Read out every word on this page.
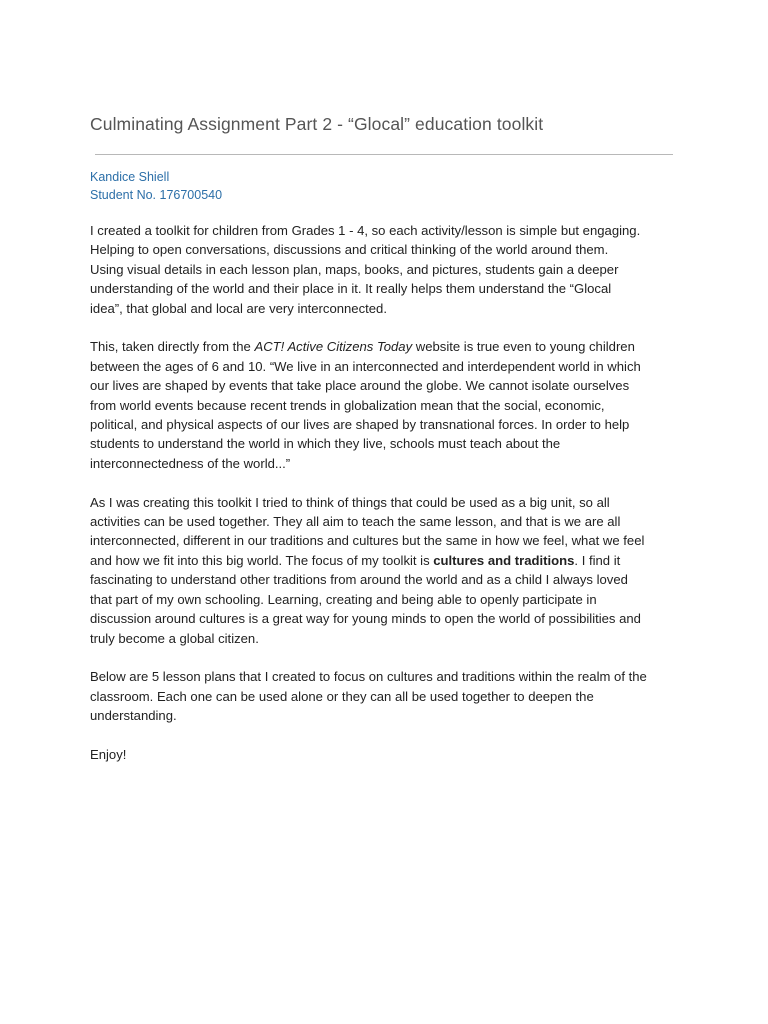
Culminating Assignment Part 2 - “Glocal” education toolkit
Kandice Shiell
Student No. 176700540

I created a toolkit for children from Grades 1 - 4, so each activity/lesson is simple but engaging.
Helping to open conversations, discussions and critical thinking of the world around them.
Using visual details in each lesson plan, maps, books, and pictures, students gain a deeper
understanding of the world and their place in it. It really helps them understand the “Glocal
idea”, that global and local are very interconnected.

This, taken directly from the ACT! Active Citizens Today website is true even to young children
between the ages of 6 and 10. “We live in an interconnected and interdependent world in which
our lives are shaped by events that take place around the globe. We cannot isolate ourselves
from world events because recent trends in globalization mean that the social, economic,
political, and physical aspects of our lives are shaped by transnational forces. In order to help
students to understand the world in which they live, schools must teach about the
interconnectedness of the world...”

As I was creating this toolkit I tried to think of things that could be used as a big unit, so all
activities can be used together. They all aim to teach the same lesson, and that is we are all
interconnected, different in our traditions and cultures but the same in how we feel, what we feel
and how we fit into this big world. The focus of my toolkit is cultures and traditions. I find it
fascinating to understand other traditions from around the world and as a child I always loved
that part of my own schooling. Learning, creating and being able to openly participate in
discussion around cultures is a great way for young minds to open the world of possibilities and
truly become a global citizen.

Below are 5 lesson plans that I created to focus on cultures and traditions within the realm of the
classroom. Each one can be used alone or they can all be used together to deepen the
understanding.

Enjoy!
